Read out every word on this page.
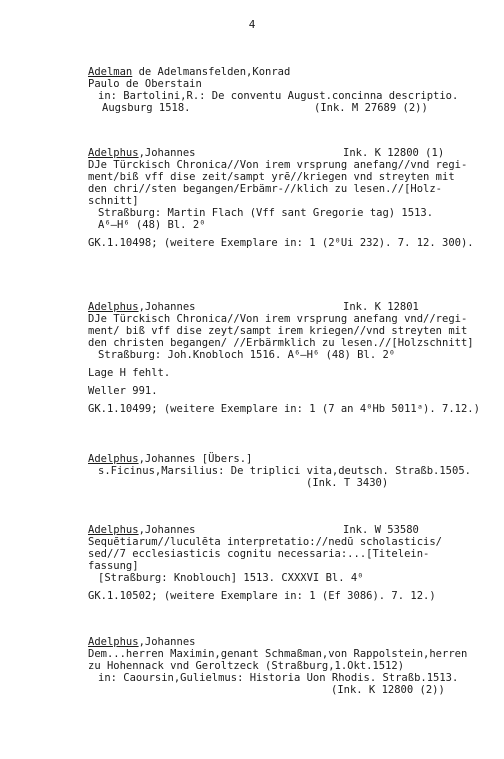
4
Adelman de Adelmansfelden,Konrad
Paulo de Oberstain
in: Bartolini,R.: De conventu August.concinna descriptio.
Augsburg 1518.	(Ink. M 27689 (2))
Adelphus,Johannes	Ink. K 12800 (1)
DJe Türckisch Chronica//Von irem vrsprung anefang//vnd regi-
ment/biß vff dise zeit/sampt yrē//kriegen vnd streyten mit
den chri//sten begangen/Erbämr-//klich zu lesen.//[Holz-
schnitt]
Straßburg: Martin Flach (Vff sant Gregorie tag) 1513.
A⁶–H⁶ (48) Bl. 2⁰
GK.1.10498; (weitere Exemplare in: 1 (2⁰Ui 232). 7. 12. 300).
Adelphus,Johannes	Ink. K 12801
DJe Türckisch Chronica//Von irem vrsprung anefang vnd//regi-
ment/ biß vff dise zeyt/sampt irem kriegen//vnd streyten mit
den christen begangen/ //Erbärmklich zu lesen.//[Holzschnitt]
Straßburg: Joh.Knobloch 1516. A⁶–H⁶ (48) Bl. 2⁰
Lage H fehlt.
Weller 991.
GK.1.10499; (weitere Exemplare in: 1 (7 an 4⁰Hb 5011ᵃ). 7.12.)
Adelphus,Johannes [Übers.]
s.Ficinus,Marsilius: De triplici vita,deutsch. Straßb.1505.
(Ink. T 3430)
Adelphus,Johannes	Ink. W 53580
Sequētiarum//luculēta interpretatio://nedū scholasticis/
sed//7 ecclesiasticis cognitu necessaria:...[Titelein-
fassung]
[Straßburg: Knoblouch] 1513. CXXXVI Bl. 4⁰
GK.1.10502; (weitere Exemplare in: 1 (Ef 3086). 7. 12.)
Adelphus,Johannes
Dem...herren Maximin,genant Schmaßman,von Rappolstein,herren
zu Hohennack vnd Geroltzeck (Straßburg,1.Okt.1512)
in: Caoursin,Gulielmus: Historia Uon Rhodis. Straßb.1513.
(Ink. K 12800 (2))
